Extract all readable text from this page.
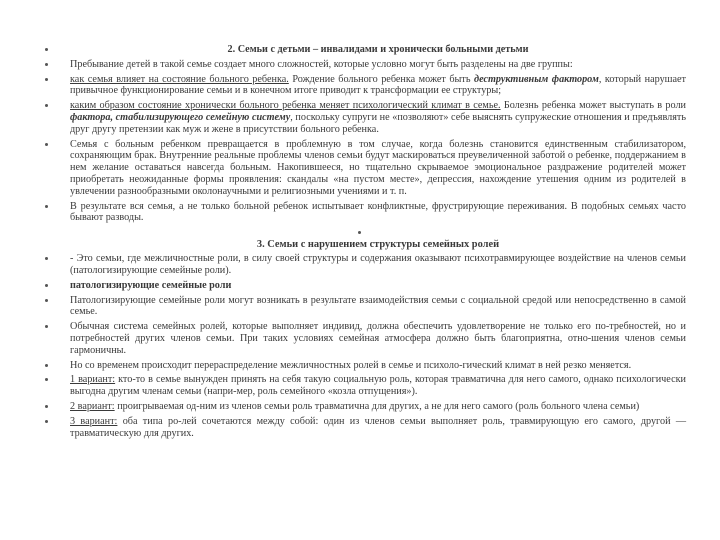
2. Семьи с детьми – инвалидами и хронически больными детьми

Пребывание детей в такой семье создает много сложностей, которые условно могут быть разделены на две группы:

как семья влияет на состояние больного ребенка. Рождение больного ребенка может быть деструктивным фактором, который нарушает привычное функционирование семьи и в конечном итоге приводит к трансформации ее структуры;

каким образом состояние хронически больного ребенка меняет психологический климат в семье. Болезнь ребенка может выступать в роли фактора, стабилизирующего семейную систему, поскольку супруги не «позволяют» себе выяснять супружеские отношения и предъявлять друг другу претензии как муж и жене в присутствии больного ребенка.

Семья с больным ребенком превращается в проблемную в том случае, когда болезнь становится единственным стабилизатором, сохраняющим брак. Внутренние реальные проблемы членов семьи будут маскироваться преувеличенной заботой о ребенке, поддержанием в нем желание оставаться навсегда больным. Накопившееся, но тщательно скрываемое эмоциональное раздражение родителей может приобретать неожиданные формы проявления: скандалы «на пустом месте», депрессия, нахождение утешения одним из родителей в увлечении разнообразными околонаучными и религиозными учениями и т. п.

В результате вся семья, а не только больной ребенок испытывает конфликтные, фрустрирующие переживания. В подобных семьях часто бывают разводы.

3. Семьи с нарушением структуры семейных ролей

- Это семьи, где межличностные роли, в силу своей структуры и содержания оказывают психотравмирующее воздействие на членов семьи (патологизирующие семейные роли).

патологизирующие семейные роли

Патологизирующие семейные роли могут возникать в результате взаимодействия семьи с социальной средой или непосредственно в самой семье.

Обычная система семейных ролей, которые выполняет индивид, должна обеспечить удовлетворение не только его по-требностей, но и потребностей других членов семьи. При таких условиях семейная атмосфера должно быть благоприятна, отно-шения членов семьи гармоничны.

Но со временем происходит перераспределение межличностных ролей в семье и психоло-гический климат в ней резко меняется.

1 вариант: кто-то в семье вынужден принять на себя такую социальную роль, которая травматична для него самого, однако психологически выгодна другим членам семьи (напри-мер, роль семейного «козла отпущения»).

2 вариант: проигрываемая од-ним из членов семьи роль травматична для других, а не для него самого (роль больного члена семьи)

3 вариант: оба типа ро-лей сочетаются между собой: один из членов семьи выполняет роль, травмирующую его самого, другой — травматическую для других.
